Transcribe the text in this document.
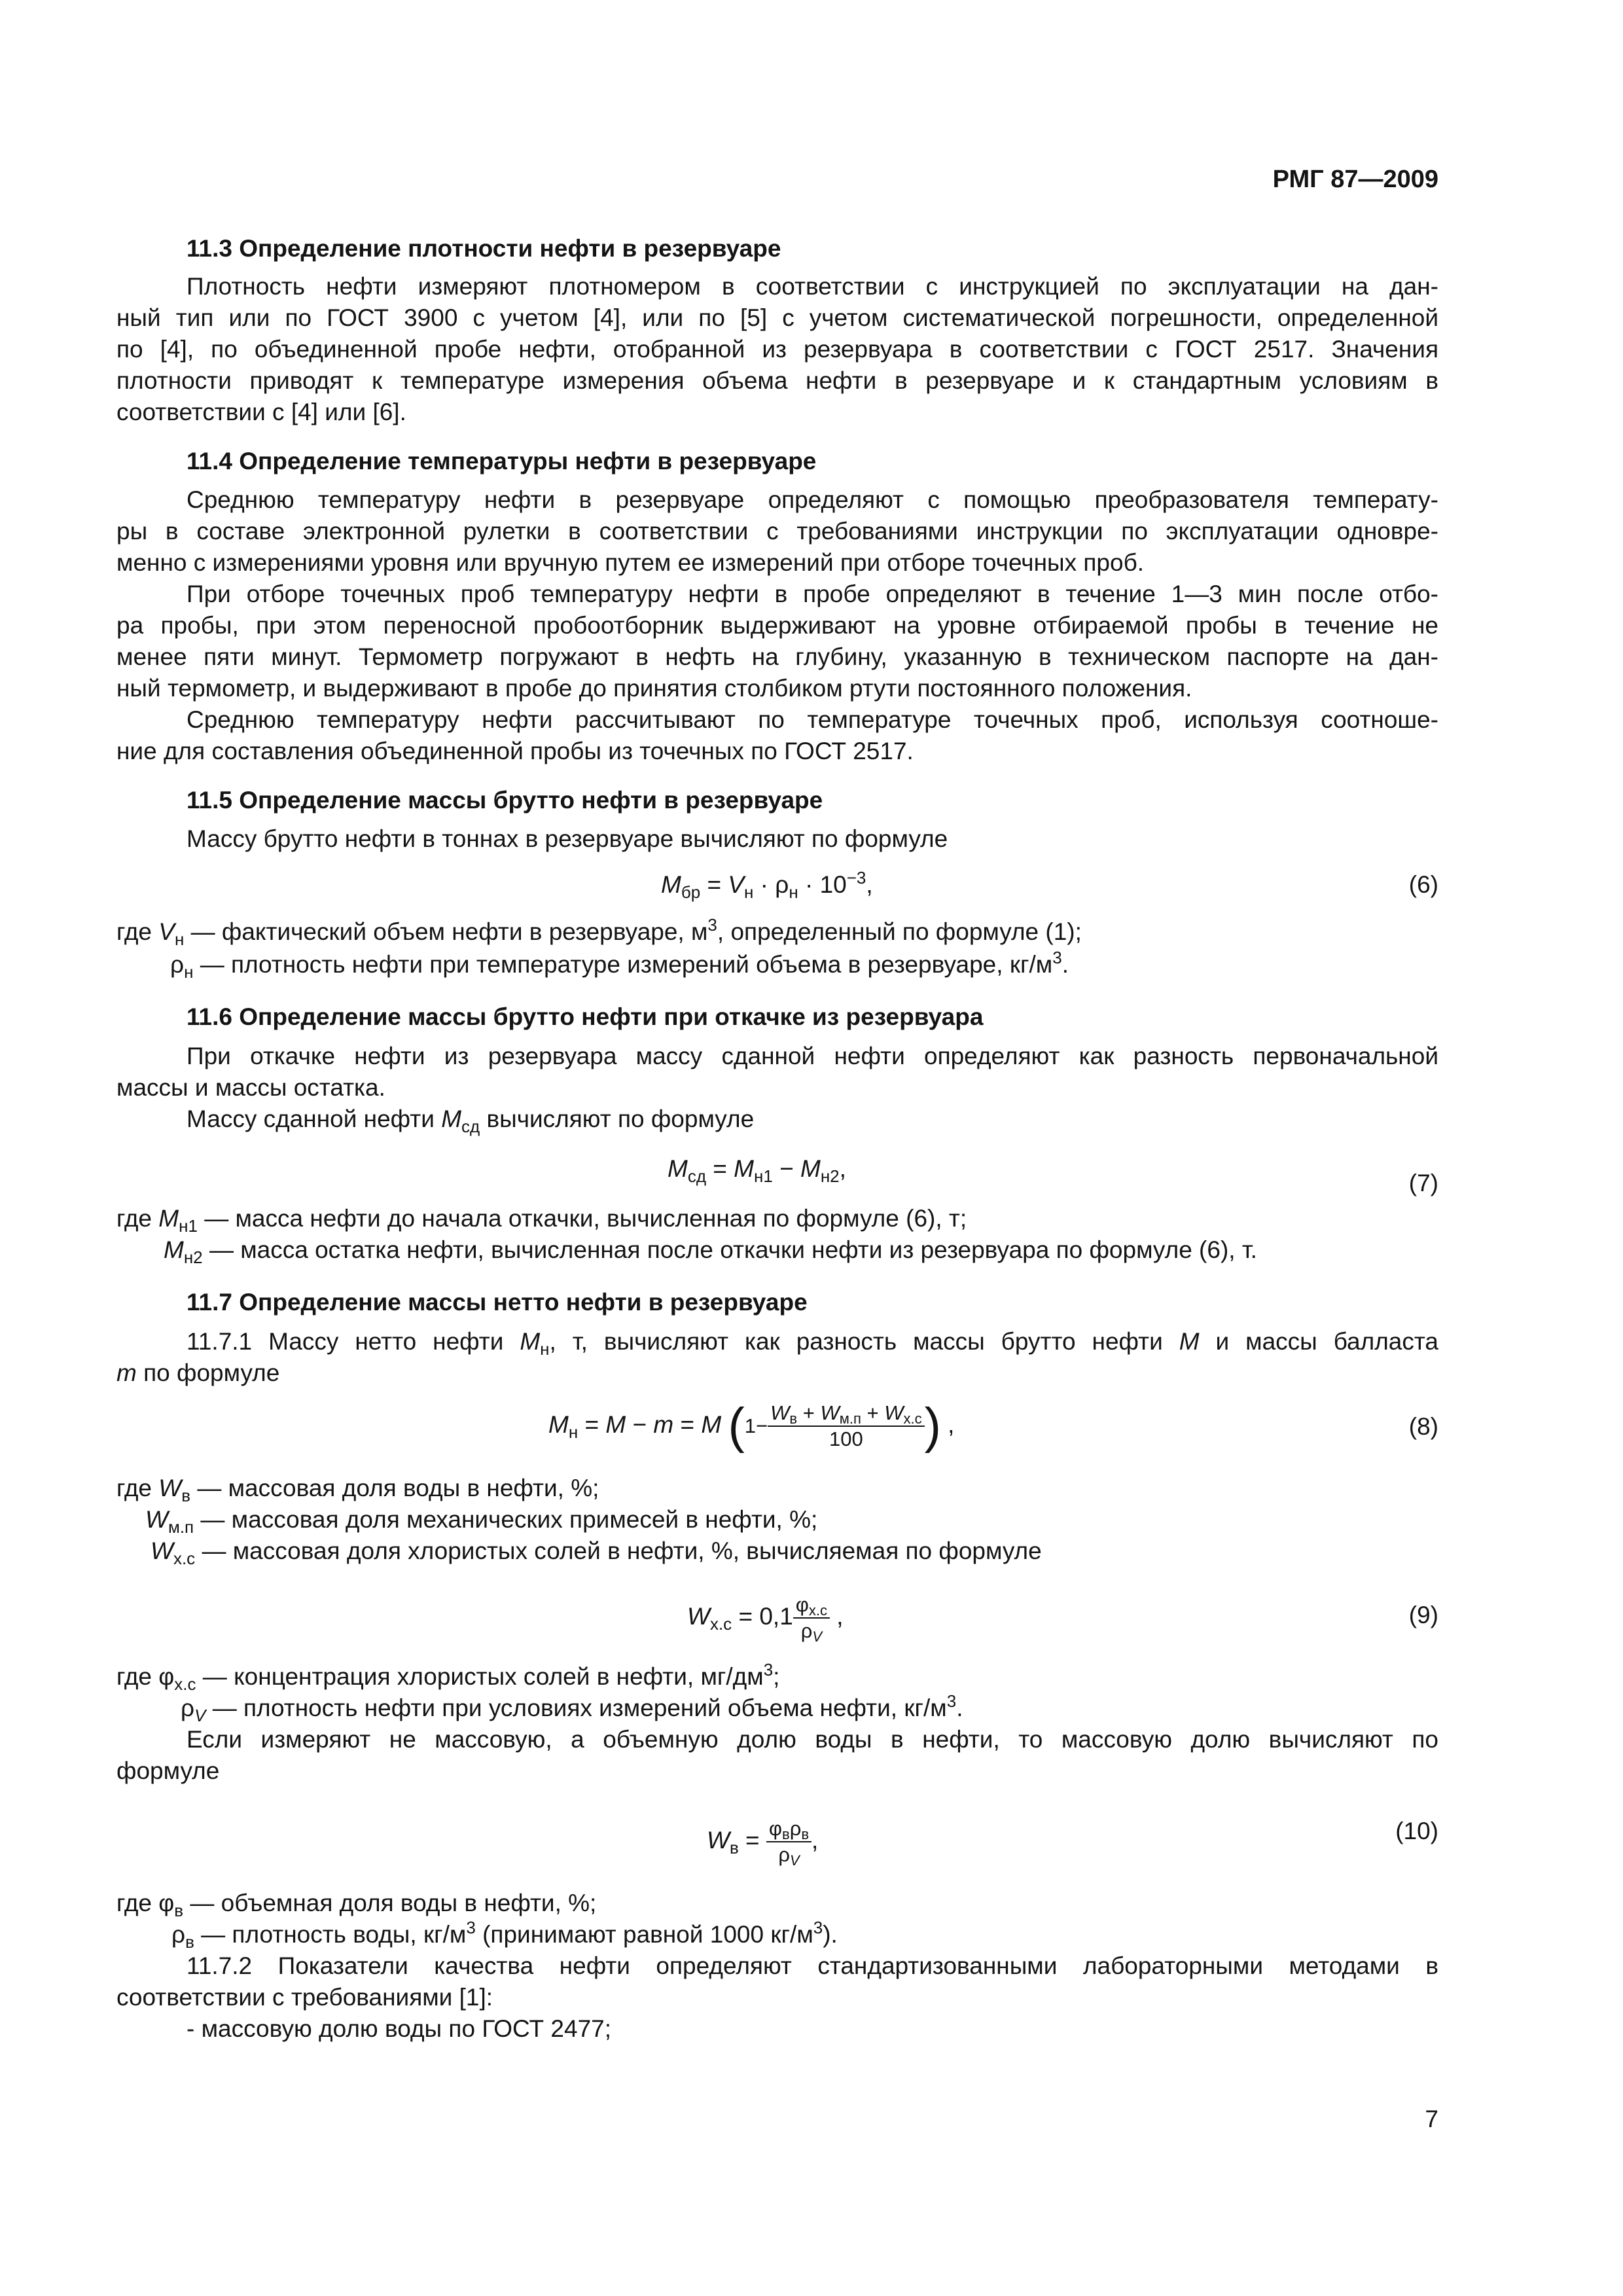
РМГ 87—2009
11.3 Определение плотности нефти в резервуаре
Плотность нефти измеряют плотномером в соответствии с инструкцией по эксплуатации на дан-
ный тип или по ГОСТ 3900 с учетом [4], или по [5] с учетом систематической погрешности, определенной
по [4], по объединенной пробе нефти, отобранной из резервуара в соответствии с ГОСТ 2517. Значения
плотности приводят к температуре измерения объема нефти в резервуаре и к стандартным условиям в
соответствии с [4] или [6].
11.4 Определение температуры нефти в резервуаре
Среднюю температуру нефти в резервуаре определяют с помощью преобразователя температу-
ры в составе электронной рулетки в соответствии с требованиями инструкции по эксплуатации одновре-
менно с измерениями уровня или вручную путем ее измерений при отборе точечных проб.
При отборе точечных проб температуру нефти в пробе определяют в течение 1—3 мин после отбо-
ра пробы, при этом переносной пробоотборник выдерживают на уровне отбираемой пробы в течение не
менее пяти минут. Термометр погружают в нефть на глубину, указанную в техническом паспорте на дан-
ный термометр, и выдерживают в пробе до принятия столбиком ртути постоянного положения.
Среднюю температуру нефти рассчитывают по температуре точечных проб, используя соотноше-
ние для составления объединенной пробы из точечных по ГОСТ 2517.
11.5 Определение массы брутто нефти в резервуаре
Массу брутто нефти в тоннах в резервуаре вычисляют по формуле
$M_{бр} = V_н \cdot \rho_н \cdot 10^{-3}$,	(6)
где $V_н$ — фактический объем нефти в резервуаре, $м^3$, определенный по формуле (1);
$\rho_н$ — плотность нефти при температуре измерений объема в резервуаре, $кг/м^3$.
11.6 Определение массы брутто нефти при откачке из резервуара
При откачке нефти из резервуара массу сданной нефти определяют как разность первоначальной
массы и массы остатка.
Массу сданной нефти $M_{сд}$ вычисляют по формуле
$M_{сд} = M_{н1} - M_{н2}$,
(7)
где $M_{н1}$ — масса нефти до начала откачки, вычисленная по формуле (6), т;
$M_{н2}$ — масса остатка нефти, вычисленная после откачки нефти из резервуара по формуле (6), т.
11.7 Определение массы нетто нефти в резервуаре
11.7.1 Массу нетто нефти $M_н$, т, вычисляют как разность массы брутто нефти M и массы балласта
m по формуле
$M_н = M - m = M$ ($1- \frac{W_в + W_{м.п} + W_{х.с}}{100}$ ) ,	(8)
где $W_в$ — массовая доля воды в нефти, %;
$W_{м.п}$ — массовая доля механических примесей в нефти, %;
$W_{х.с}$ — массовая доля хлористых солей в нефти, %, вычисляемая по формуле
$W_{х.с} = 0,1 \frac{\varphi_{х.с}}{\rho_V}$ ,	(9)
где $\varphi_{х.с}$ — концентрация хлористых солей в нефти, $мг/дм^3$;
$\rho_V$ — плотность нефти при условиях измерений объема нефти, $кг/м^3$.
Если измеряют не массовую, а объемную долю воды в нефти, то массовую долю вычисляют по
формуле
$W_в = \frac{\varphi_в\rho_в}{\rho_V}$ ,	(10)
где $\varphi_в$ — объемная доля воды в нефти, %;
$\rho_в$ — плотность воды, $кг/м^3$ (принимают равной 1000 $кг/м^3$).
11.7.2 Показатели качества нефти определяют стандартизованными лабораторными методами в
соответствии с требованиями [1]:
- массовую долю воды по ГОСТ 2477;
7
